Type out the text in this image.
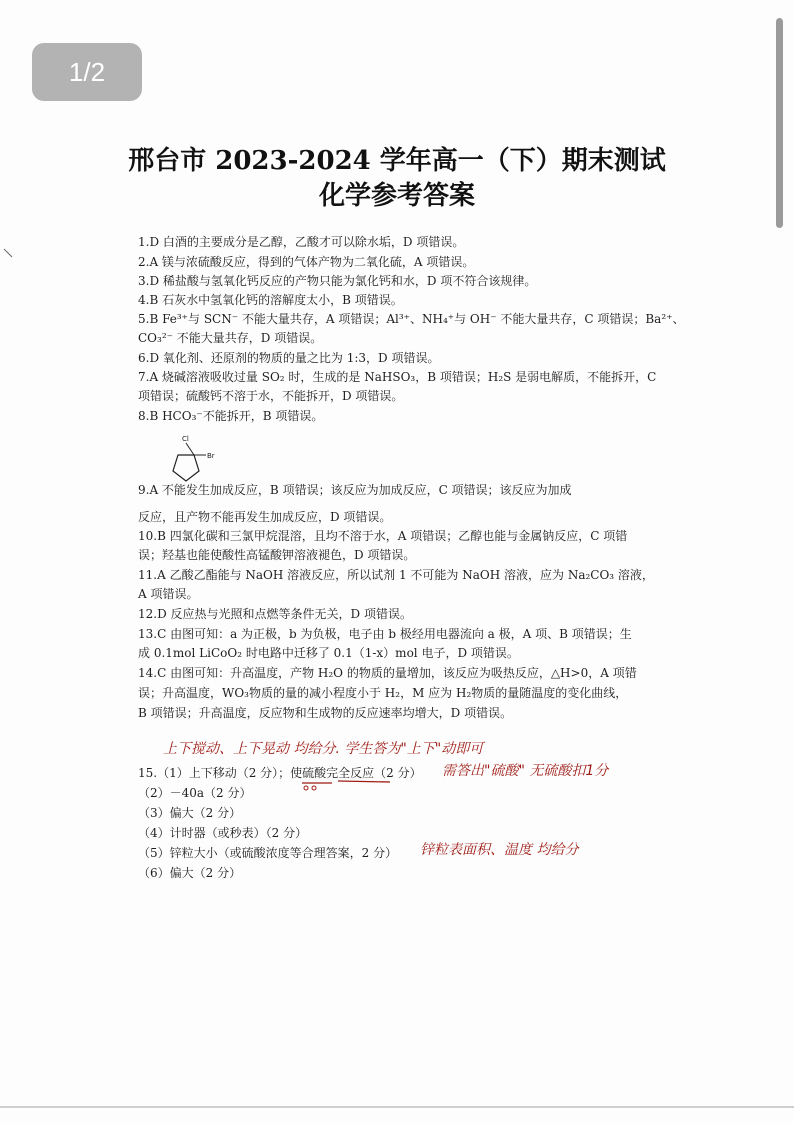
1/2
邢台市 2023-2024 学年高一（下）期末测试
化学参考答案
1.D 白酒的主要成分是乙醇，乙酸才可以除水垢，D 项错误。
2.A 镁与浓硫酸反应，得到的气体产物为二氧化硫，A 项错误。
3.D 稀盐酸与氢氧化钙反应的产物只能为氯化钙和水，D 项不符合该规律。
4.B 石灰水中氢氧化钙的溶解度太小，B 项错误。
5.B Fe³⁺与 SCN⁻ 不能大量共存，A 项错误；Al³⁺、NH₄⁺与 OH⁻ 不能大量共存，C 项错误；Ba²⁺、
CO₃²⁻ 不能大量共存，D 项错误。
6.D 氧化剂、还原剂的物质的量之比为 1:3，D 项错误。
7.A 烧碱溶液吸收过量 SO₂ 时，生成的是 NaHSO₃，B 项错误；H₂S 是弱电解质，不能拆开，C
项错误；硫酸钙不溶于水，不能拆开，D 项错误。
8.B HCO₃⁻不能拆开，B 项错误。
Cl
Br
9.A 不能发生加成反应，B 项错误；该反应为加成反应，C 项错误；该反应为加成
反应，且产物不能再发生加成反应，D 项错误。
10.B 四氯化碳和三氯甲烷混溶，且均不溶于水，A 项错误；乙醇也能与金属钠反应，C 项错
误；羟基也能使酸性高锰酸钾溶液褪色，D 项错误。
11.A 乙酸乙酯能与 NaOH 溶液反应，所以试剂 1 不可能为 NaOH 溶液，应为 Na₂CO₃ 溶液，
A 项错误。
12.D 反应热与光照和点燃等条件无关，D 项错误。
13.C 由图可知：a 为正极，b 为负极，电子由 b 极经用电器流向 a 极，A 项、B 项错误；生
成 0.1mol LiCoO₂ 时电路中迁移了 0.1（1-x）mol 电子，D 项错误。
14.C 由图可知：升高温度，产物 H₂O 的物质的量增加，该反应为吸热反应，△H>0，A 项错
误；升高温度，WO₃物质的量的减小程度小于 H₂，M 应为 H₂物质的量随温度的变化曲线，
B 项错误；升高温度，反应物和生成物的反应速率均增大，D 项错误。
上下搅动、上下晃动 均给分. 学生答为"上下"动即可
15.（1）上下移动（2 分）；使硫酸完全反应（2 分） 需答出"硫酸" 无硫酸扣1分
（2）－40a（2 分）
（3）偏大（2 分）
（4）计时器（或秒表）（2 分）
（5）锌粒大小（或硫酸浓度等合理答案，2 分） 锌粒表面积、温度 均给分
（6）偏大（2 分）
